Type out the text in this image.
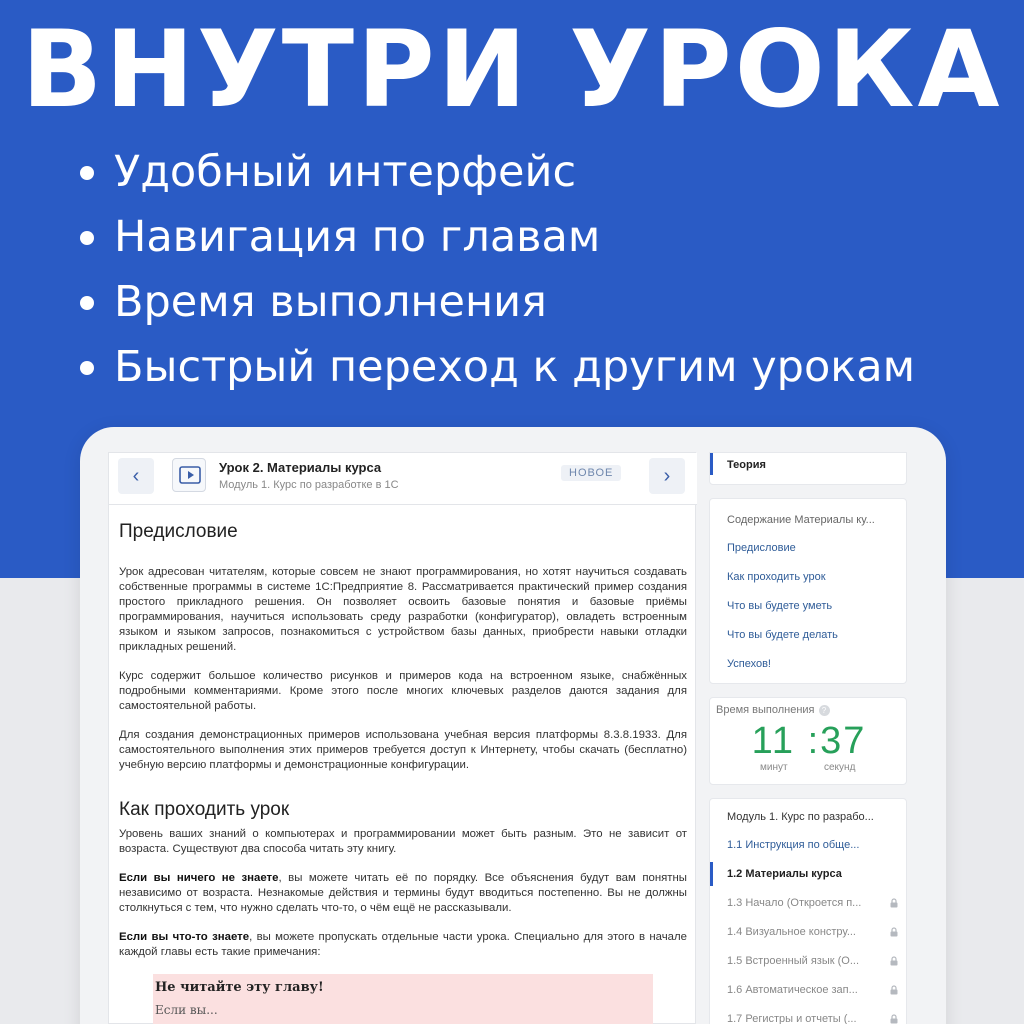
ВНУТРИ УРОКА
Удобный интерфейс
Навигация по главам
Время выполнения
Быстрый переход к другим урокам
‹	Урок 2. Материалы курса
Модуль 1. Курс по разработке в 1С
НОВОЕ	›
Предисловие

Урок адресован читателям, которые совсем не знают программирования, но хотят научиться создавать собственные программы в системе 1С:Предприятие 8. Рассматривается практический пример создания простого прикладного решения. Он позволяет освоить базовые понятия и базовые приёмы программирования, научиться использовать среду разработки (конфигуратор), овладеть встроенным языком и языком запросов, познакомиться с устройством базы данных, приобрести навыки отладки прикладных решений.

Курс содержит большое количество рисунков и примеров кода на встроенном языке, снабжённых подробными комментариями. Кроме этого после многих ключевых разделов даются задания для самостоятельной работы.

Для создания демонстрационных примеров использована учебная версия платформы 8.3.8.1933. Для самостоятельного выполнения этих примеров требуется доступ к Интернету, чтобы скачать (бесплатно) учебную версию платформы и демонстрационные конфигурации.

Как проходить урок

Уровень ваших знаний о компьютерах и программировании может быть разным. Это не зависит от возраста. Существуют два способа читать эту книгу.

Если вы ничего не знаете, вы можете читать её по порядку. Все объяснения будут вам понятны независимо от возраста. Незнакомые действия и термины будут вводиться постепенно. Вы не должны столкнуться с тем, что нужно сделать что-то, о чём ещё не рассказывали.

Если вы что-то знаете, вы можете пропускать отдельные части урока. Специально для этого в начале каждой главы есть такие примечания:

Не читайте эту главу!
Если вы...
Теория
Содержание Материалы ку...
Предисловие
Как проходить урок
Что вы будете уметь
Что вы будете делать
Успехов!
Время выполнения ?
11 :37
минут	секунд
Модуль 1. Курс по разрабо...
1.1 Инструкция по обще...
1.2 Материалы курса
1.3 Начало (Откроется п...
1.4 Визуальное констру...
1.5 Встроенный язык (О...
1.6 Автоматическое зап...
1.7 Регистры и отчеты (...
